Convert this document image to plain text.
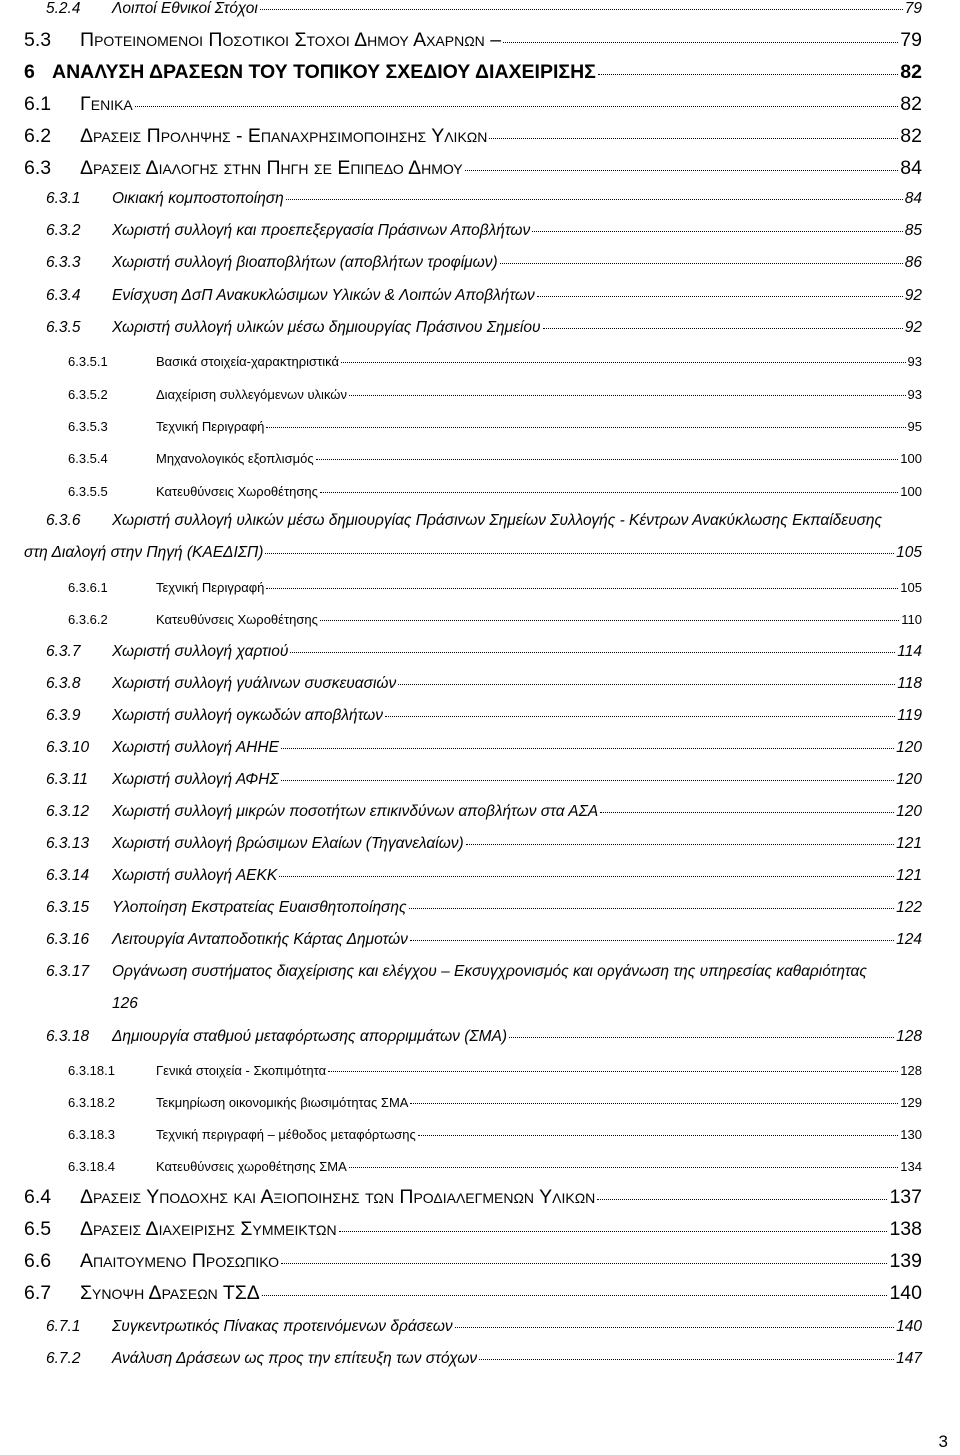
5.2.4	Λοιποί Εθνικοί Στόχοι	79
5.3	Προτεινομενοι Ποσοτικοι Στοχοι Δημου Αχαρνων –	79
6 ΑΝΑΛΥΣΗ ΔΡΑΣΕΩΝ ΤΟΥ ΤΟΠΙΚΟΥ ΣΧΕΔΙΟΥ ΔΙΑΧΕΙΡΙΣΗΣ	82
6.1	Γενικα	82
6.2	Δρασεις Προληψης - Επαναχρησιμοποιησης Υλικων	82
6.3	Δρασεις Διαλογης στην Πηγη σε Επιπεδο Δημου	84
6.3.1	Οικιακή κομποστοποίηση	84
6.3.2	Χωριστή συλλογή και προεπεξεργασία Πράσινων Αποβλήτων	85
6.3.3	Χωριστή συλλογή βιοαποβλήτων (αποβλήτων τροφίμων)	86
6.3.4	Ενίσχυση ΔσΠ Ανακυκλώσιμων Υλικών & Λοιπών Αποβλήτων	92
6.3.5	Χωριστή συλλογή υλικών μέσω δημιουργίας Πράσινου Σημείου	92
6.3.5.1	Βασικά στοιχεία-χαρακτηριστικά	93
6.3.5.2	Διαχείριση συλλεγόμενων υλικών	93
6.3.5.3	Τεχνική Περιγραφή	95
6.3.5.4	Μηχανολογικός εξοπλισμός	100
6.3.5.5	Κατευθύνσεις Χωροθέτησης	100
6.3.6 Χωριστή συλλογή υλικών μέσω δημιουργίας Πράσινων Σημείων Συλλογής - Κέντρων Ανακύκλωσης Εκπαίδευσης
στη Διαλογή στην Πηγή (ΚΑΕΔΙΣΠ)	105
6.3.6.1	Τεχνική Περιγραφή	105
6.3.6.2	Κατευθύνσεις Χωροθέτησης	110
6.3.7	Χωριστή συλλογή χαρτιού	114
6.3.8	Χωριστή συλλογή γυάλινων συσκευασιών	118
6.3.9	Χωριστή συλλογή ογκωδών αποβλήτων	119
6.3.10	Χωριστή συλλογή ΑΗΗΕ	120
6.3.11	Χωριστή συλλογή ΑΦΗΣ	120
6.3.12	Χωριστή συλλογή μικρών ποσοτήτων επικινδύνων αποβλήτων στα ΑΣΑ	120
6.3.13	Χωριστή συλλογή βρώσιμων Ελαίων (Τηγανελαίων)	121
6.3.14	Χωριστή συλλογή ΑΕΚΚ	121
6.3.15	Υλοποίηση Εκστρατείας Ευαισθητοποίησης	122
6.3.16	Λειτουργία Ανταποδοτικής Κάρτας Δημοτών	124
6.3.17 Οργάνωση συστήματος διαχείρισης και ελέγχου – Εκσυγχρονισμός και οργάνωση της υπηρεσίας καθαριότητας
126
6.3.18	Δημιουργία σταθμού μεταφόρτωσης απορριμμάτων (ΣΜΑ)	128
6.3.18.1	Γενικά στοιχεία - Σκοπιμότητα	128
6.3.18.2	Τεκμηρίωση οικονομικής βιωσιμότητας ΣΜΑ	129
6.3.18.3	Τεχνική περιγραφή – μέθοδος μεταφόρτωσης	130
6.3.18.4	Κατευθύνσεις χωροθέτησης ΣΜΑ	134
6.4	Δρασεις Υποδοχης και Αξιοποιησης των Προδιαλεγμενων Υλικων	137
6.5	Δρασεις Διαχειρισης Συμμεικτων	138
6.6	Απαιτουμενο Προσωπικο	139
6.7	Συνοψη Δρασεων ΤΣΔ	140
6.7.1	Συγκεντρωτικός Πίνακας προτεινόμενων δράσεων	140
6.7.2	Ανάλυση Δράσεων ως προς την επίτευξη των στόχων	147
3
